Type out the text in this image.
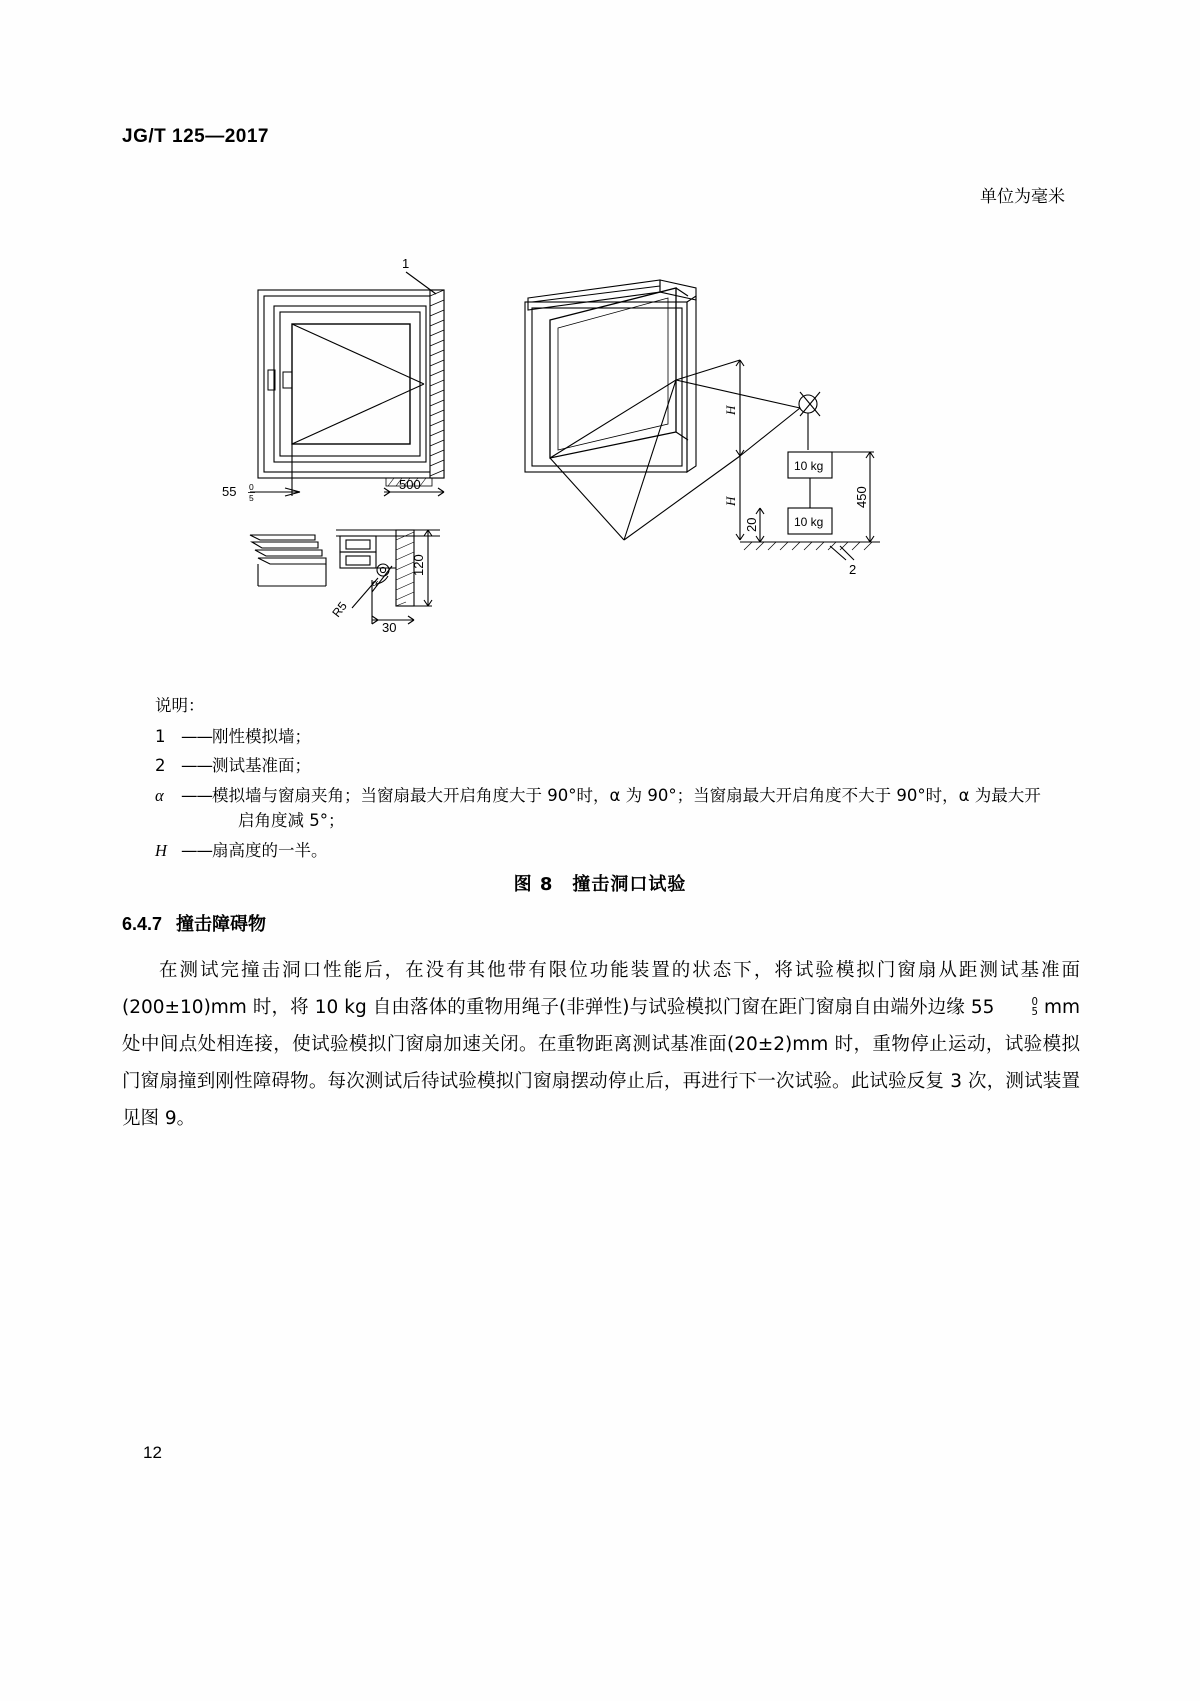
JG/T 125—2017
单位为毫米
1
2
55 0
5
500
120
30
R5
α
H
H
20
450
10 kg
10 kg
说明：
1 —— 刚性模拟墙；
2 —— 测试基准面；
α	—— 模拟墙与窗扇夹角；当窗扇最大开启角度大于 90°时，α 为 90°；当窗扇最大开启角度不大于 90°时，α 为最大开
启角度减 5°；
H —— 扇高度的一半。
图 8　撞击洞口试验
6.4.7 撞击障碍物
在测试完撞击洞口性能后，在没有其他带有限位功能装置的状态下，将试验模拟门窗扇从距测试基准面(200±10)mm 时，将 10 kg 自由落体的重物用绳子(非弹性)与试验模拟门窗在距门窗扇自由端外边缘 55	0
5 mm 处中间点处相连接，使试验模拟门窗扇加速关闭。在重物距离测试基准面(20±2)mm 时，重物停止运动，试验模拟门窗扇撞到刚性障碍物。每次测试后待试验模拟门窗扇摆动停止后，再进行下一次试验。此试验反复 3 次，测试装置见图 9。
12
